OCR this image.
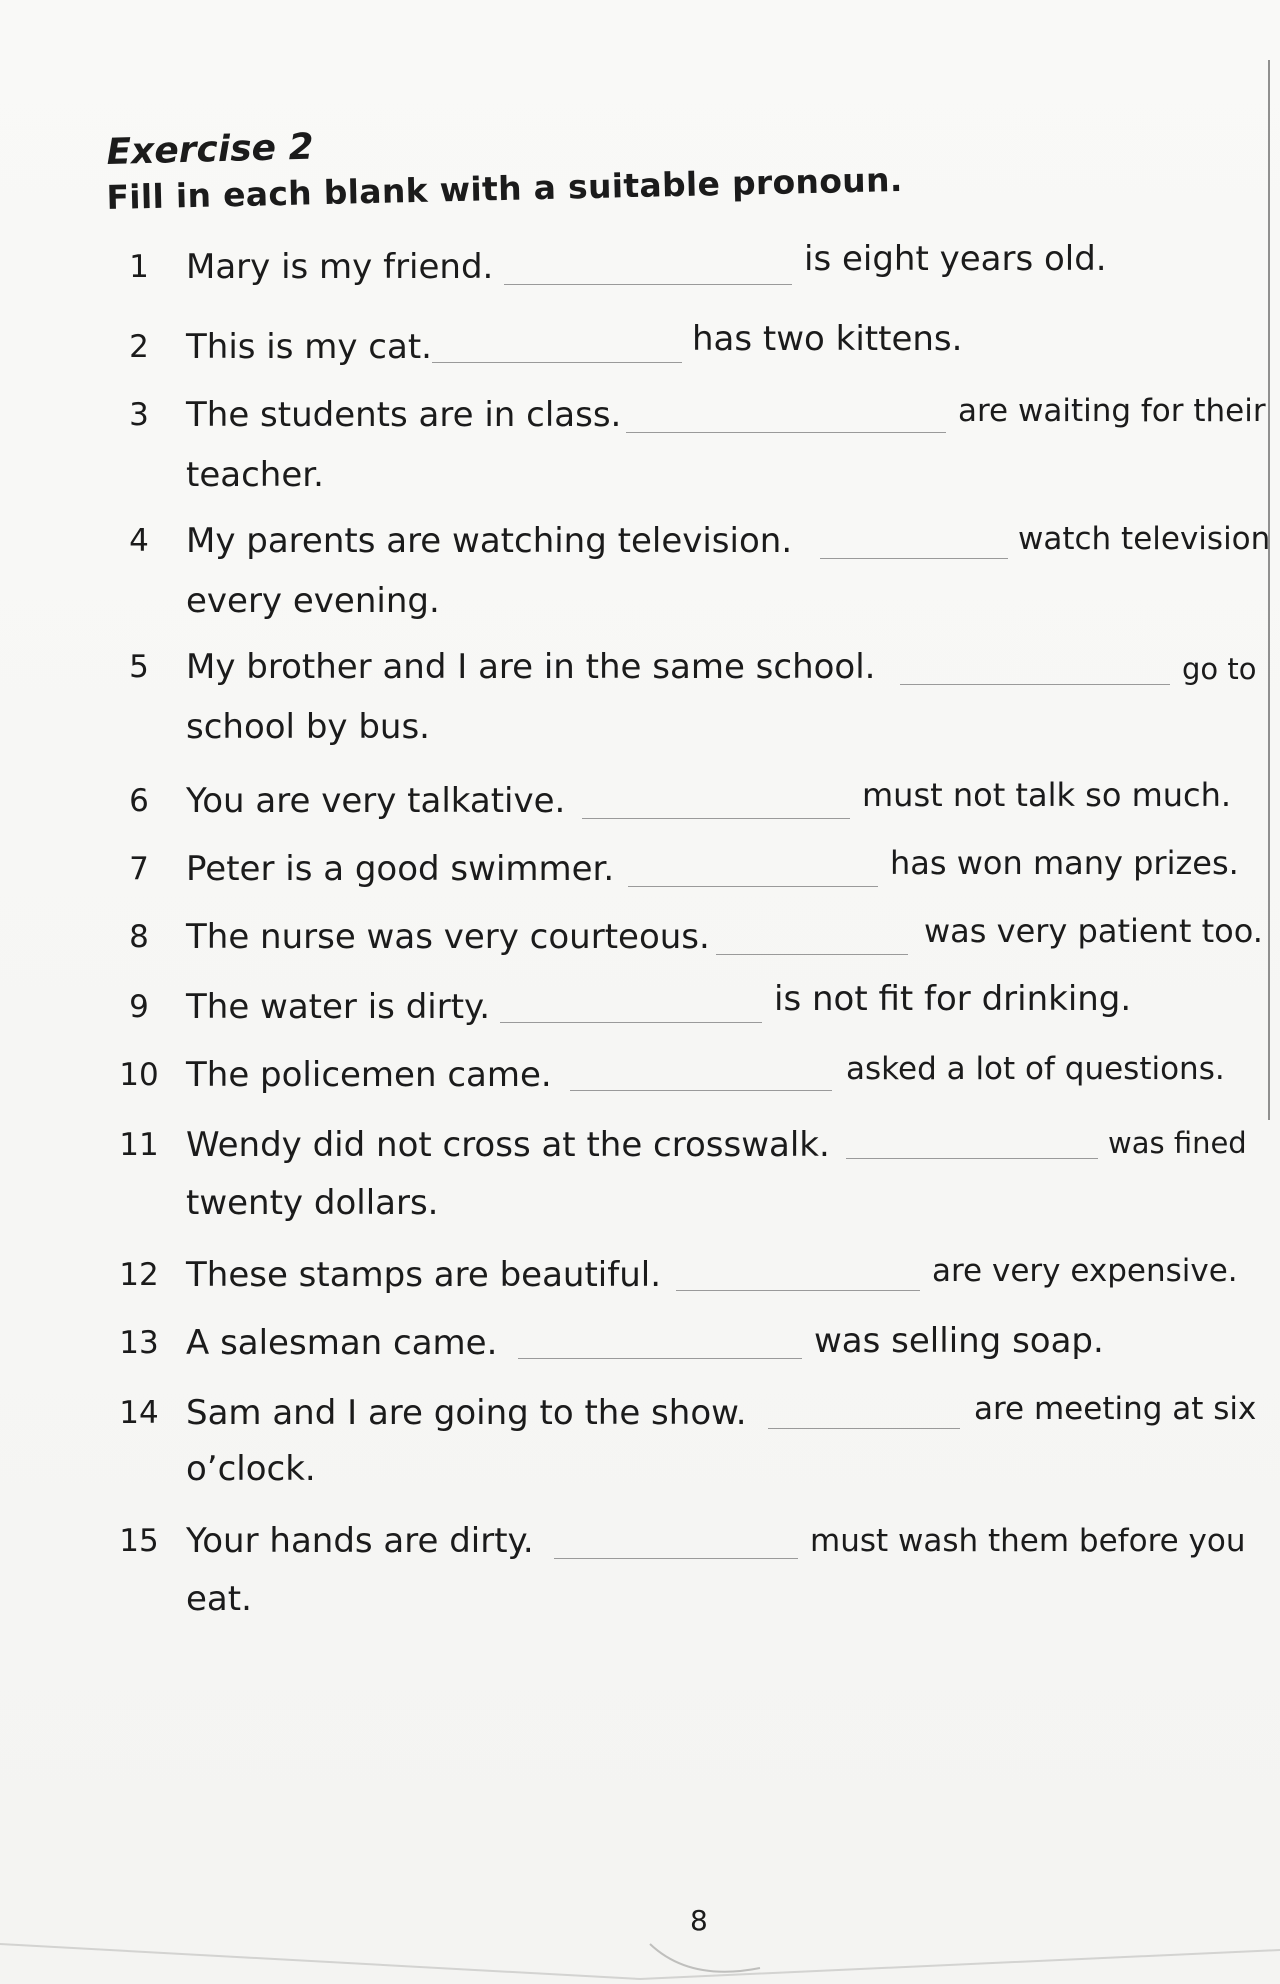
Exercise 2
Fill in each blank with a suitable pronoun.
1	Mary is my friend.	is eight years old.
2	This is my cat.	has two kittens.
3	The students are in class.	are waiting for their
teacher.
4	My parents are watching television.	watch television
every evening.
5	My brother and I are in the same school.	go to
school by bus.
6	You are very talkative.	must not talk so much.
7	Peter is a good swimmer.	has won many prizes.
8	The nurse was very courteous.	was very patient too.
9	The water is dirty.	is not fit for drinking.
10 The policemen came.	asked a lot of questions.
11 Wendy did not cross at the crosswalk.	was fined
twenty dollars.
12 These stamps are beautiful.	are very expensive.
13 A salesman came.	was selling soap.
14 Sam and I are going to the show.	are meeting at six
o’clock.
15 Your hands are dirty.	must wash them before you
eat.
8
